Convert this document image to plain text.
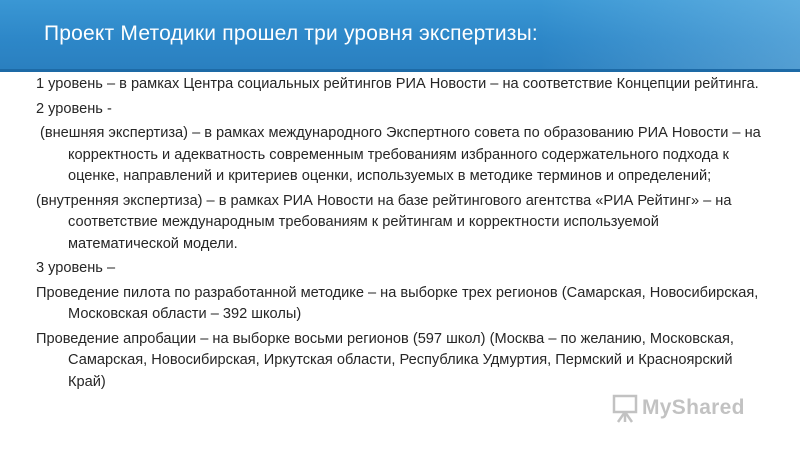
Проект Методики прошел три уровня экспертизы:

1 уровень – в рамках Центра социальных рейтингов РИА Новости – на соответствие Концепции рейтинга.

2 уровень -

(внешняя экспертиза) – в рамках международного Экспертного совета по образованию РИА Новости – на корректность и адекватность современным требованиям избранного содержательного подхода к оценке, направлений и критериев оценки, используемых в методике терминов и определений;

(внутренняя экспертиза) – в рамках РИА Новости на базе рейтингового агентства «РИА Рейтинг» – на соответствие международным требованиям к рейтингам и корректности используемой математической модели.

3 уровень –

Проведение пилота по разработанной методике – на выборке трех регионов (Самарская, Новосибирская, Московская области – 392 школы)

Проведение апробации – на выборке восьми регионов (597 школ) (Москва – по желанию, Московская, Самарская, Новосибирская, Иркутская области, Республика Удмуртия, Пермский и Красноярский Край)

MyShared
